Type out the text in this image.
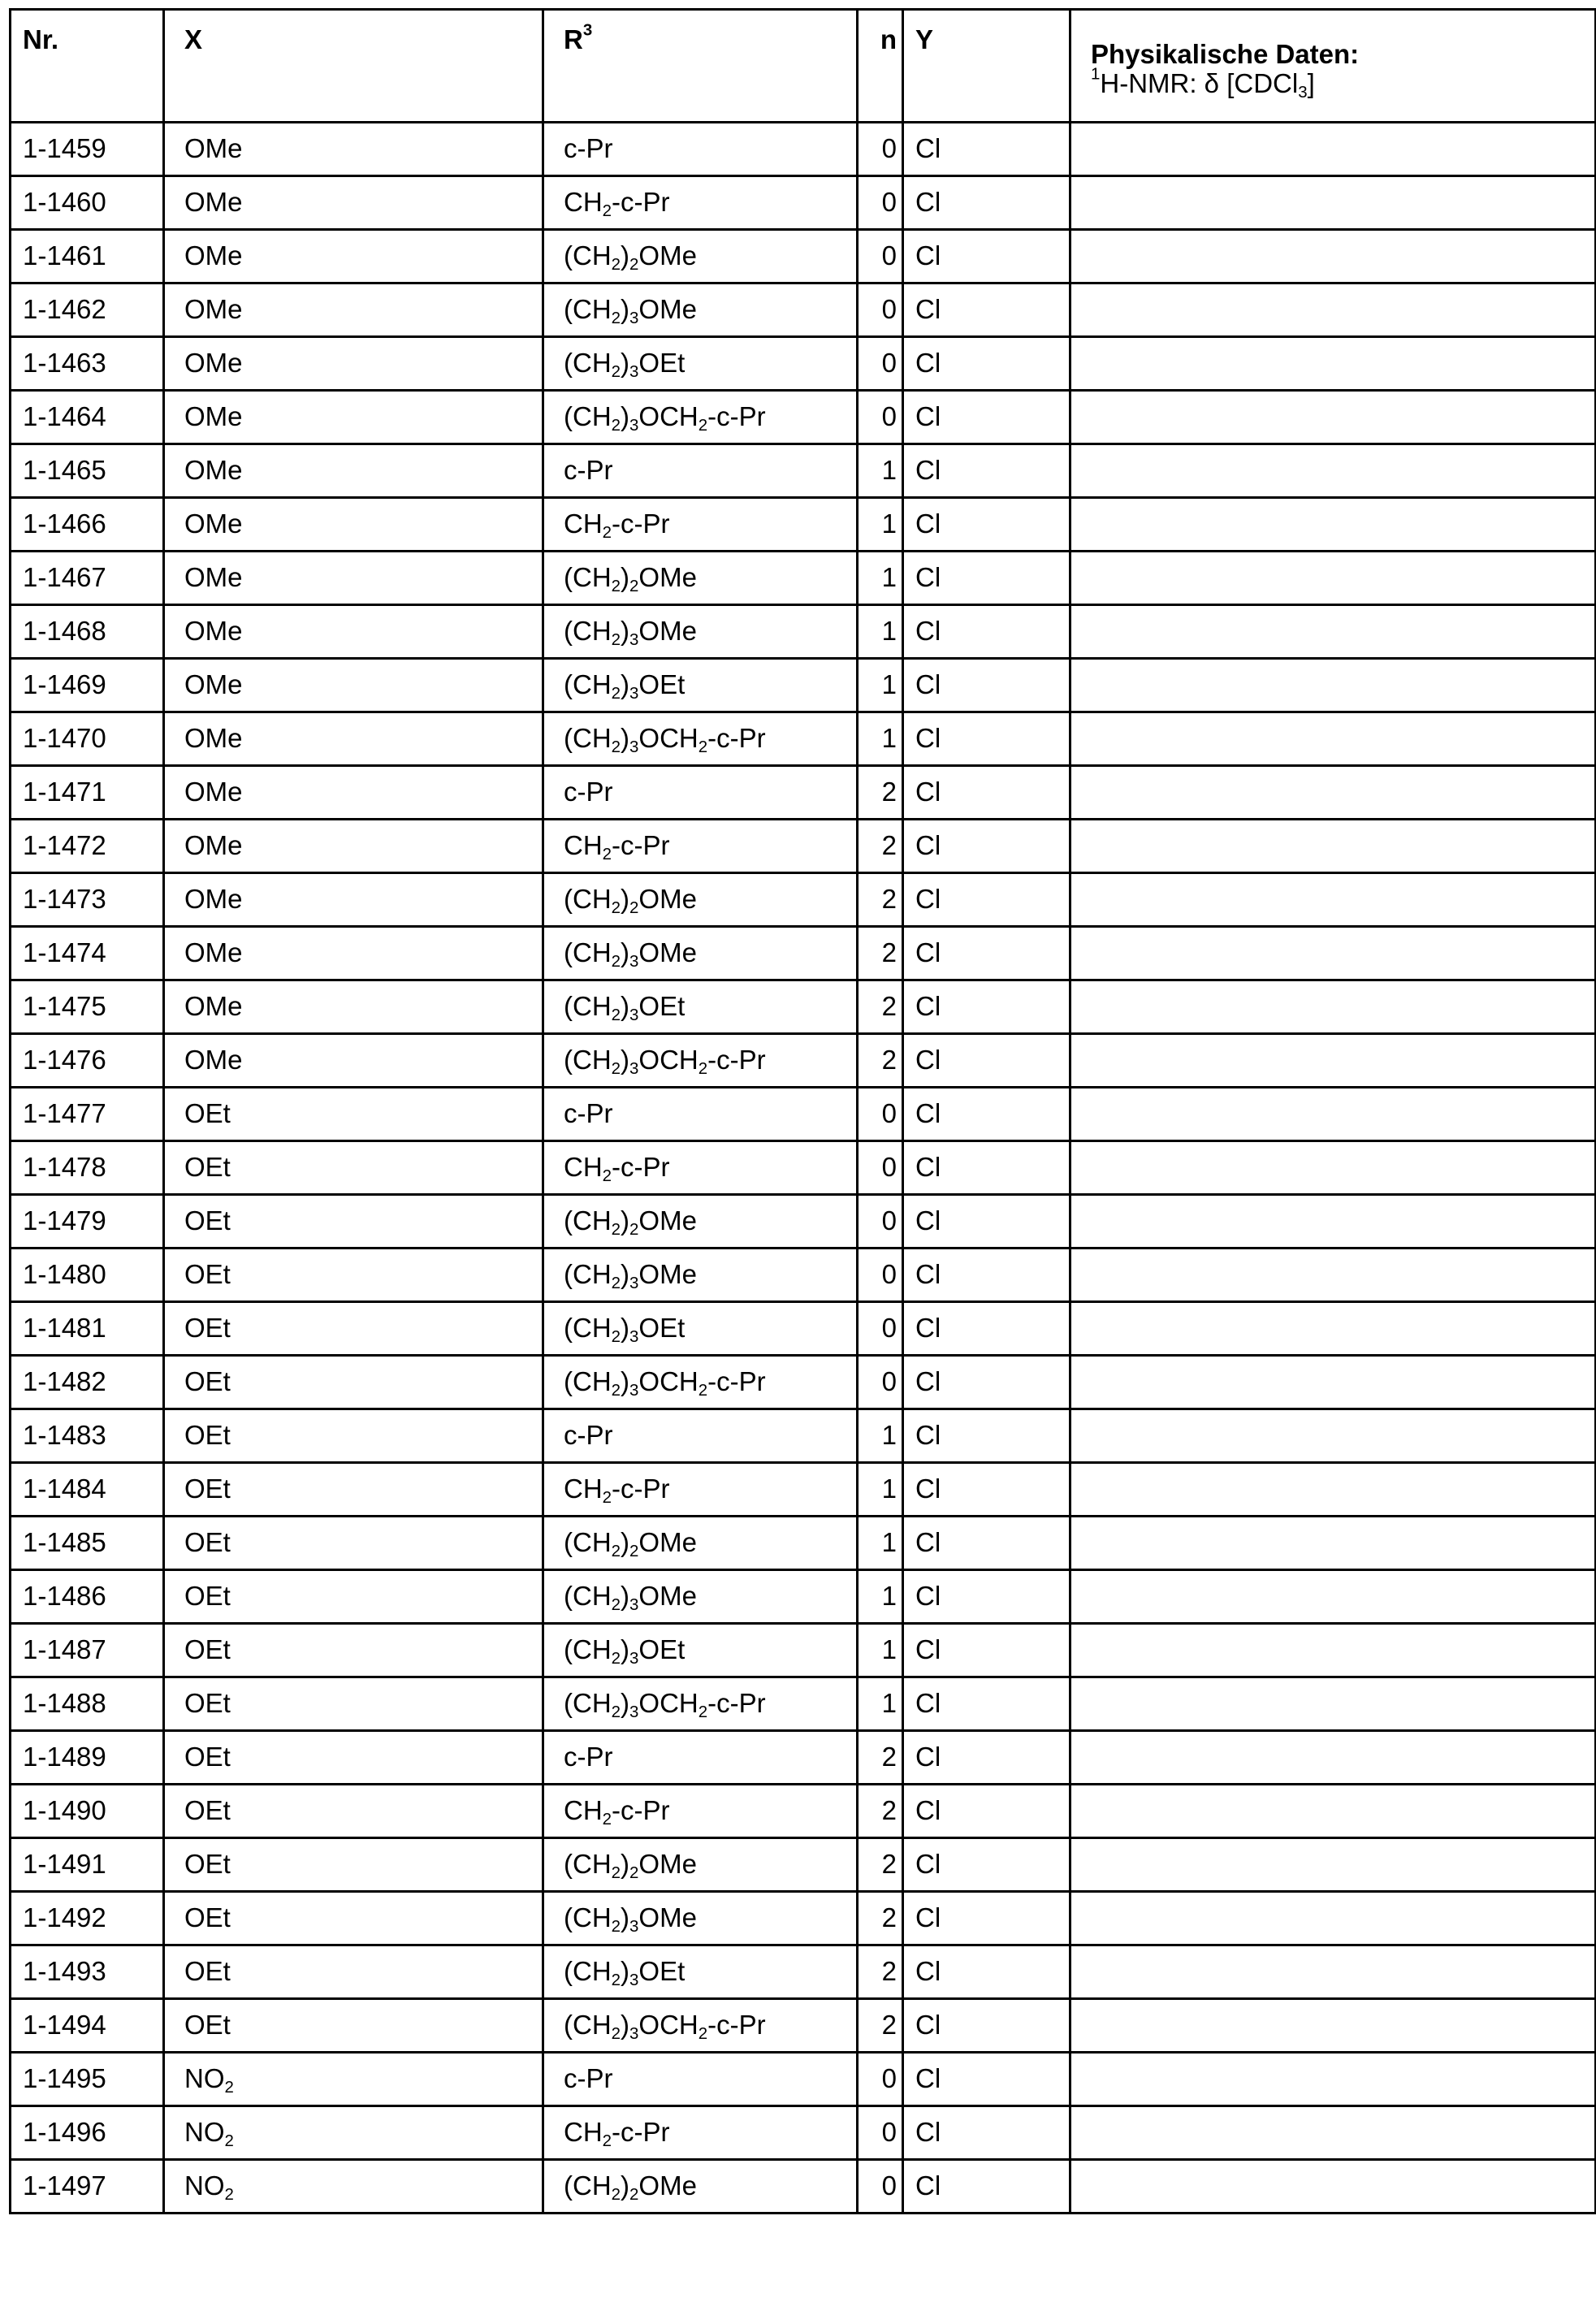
Nr.	X	$R^3$	n	Y	Physikalische Daten:
$^1$H-NMR: δ [CDCl$_3$]

1-1459	OMe	c-Pr	0	Cl	
1-1460	OMe	$CH_2-c-Pr$	0	Cl	
1-1461	OMe	$(CH_2)_2OMe$	0	Cl	
1-1462	OMe	$(CH_2)_3OMe$	0	Cl	
1-1463	OMe	$(CH_2)_3OEt$	0	Cl	
1-1464	OMe	$(CH_2)_3OCH_2-c-Pr$	0	Cl	
1-1465	OMe	c-Pr	1	Cl	
1-1466	OMe	$CH_2-c-Pr$	1	Cl	
1-1467	OMe	$(CH_2)_2OMe$	1	Cl	
1-1468	OMe	$(CH_2)_3OMe$	1	Cl	
1-1469	OMe	$(CH_2)_3OEt$	1	Cl	
1-1470	OMe	$(CH_2)_3OCH_2-c-Pr$	1	Cl	
1-1471	OMe	c-Pr	2	Cl	
1-1472	OMe	$CH_2-c-Pr$	2	Cl	
1-1473	OMe	$(CH_2)_2OMe$	2	Cl	
1-1474	OMe	$(CH_2)_3OMe$	2	Cl	
1-1475	OMe	$(CH_2)_3OEt$	2	Cl	
1-1476	OMe	$(CH_2)_3OCH_2-c-Pr$	2	Cl	
1-1477	OEt	c-Pr	0	Cl	
1-1478	OEt	$CH_2-c-Pr$	0	Cl	
1-1479	OEt	$(CH_2)_2OMe$	0	Cl	
1-1480	OEt	$(CH_2)_3OMe$	0	Cl	
1-1481	OEt	$(CH_2)_3OEt$	0	Cl	
1-1482	OEt	$(CH_2)_3OCH_2-c-Pr$	0	Cl	
1-1483	OEt	c-Pr	1	Cl	
1-1484	OEt	$CH_2-c-Pr$	1	Cl	
1-1485	OEt	$(CH_2)_2OMe$	1	Cl	
1-1486	OEt	$(CH_2)_3OMe$	1	Cl	
1-1487	OEt	$(CH_2)_3OEt$	1	Cl	
1-1488	OEt	$(CH_2)_3OCH_2-c-Pr$	1	Cl	
1-1489	OEt	c-Pr	2	Cl	
1-1490	OEt	$CH_2-c-Pr$	2	Cl	
1-1491	OEt	$(CH_2)_2OMe$	2	Cl	
1-1492	OEt	$(CH_2)_3OMe$	2	Cl	
1-1493	OEt	$(CH_2)_3OEt$	2	Cl	
1-1494	OEt	$(CH_2)_3OCH_2-c-Pr$	2	Cl	
1-1495	$NO_2$	c-Pr	0	Cl	
1-1496	$NO_2$	$CH_2-c-Pr$	0	Cl	
1-1497	$NO_2$	$(CH_2)_2OMe$	0	Cl	
